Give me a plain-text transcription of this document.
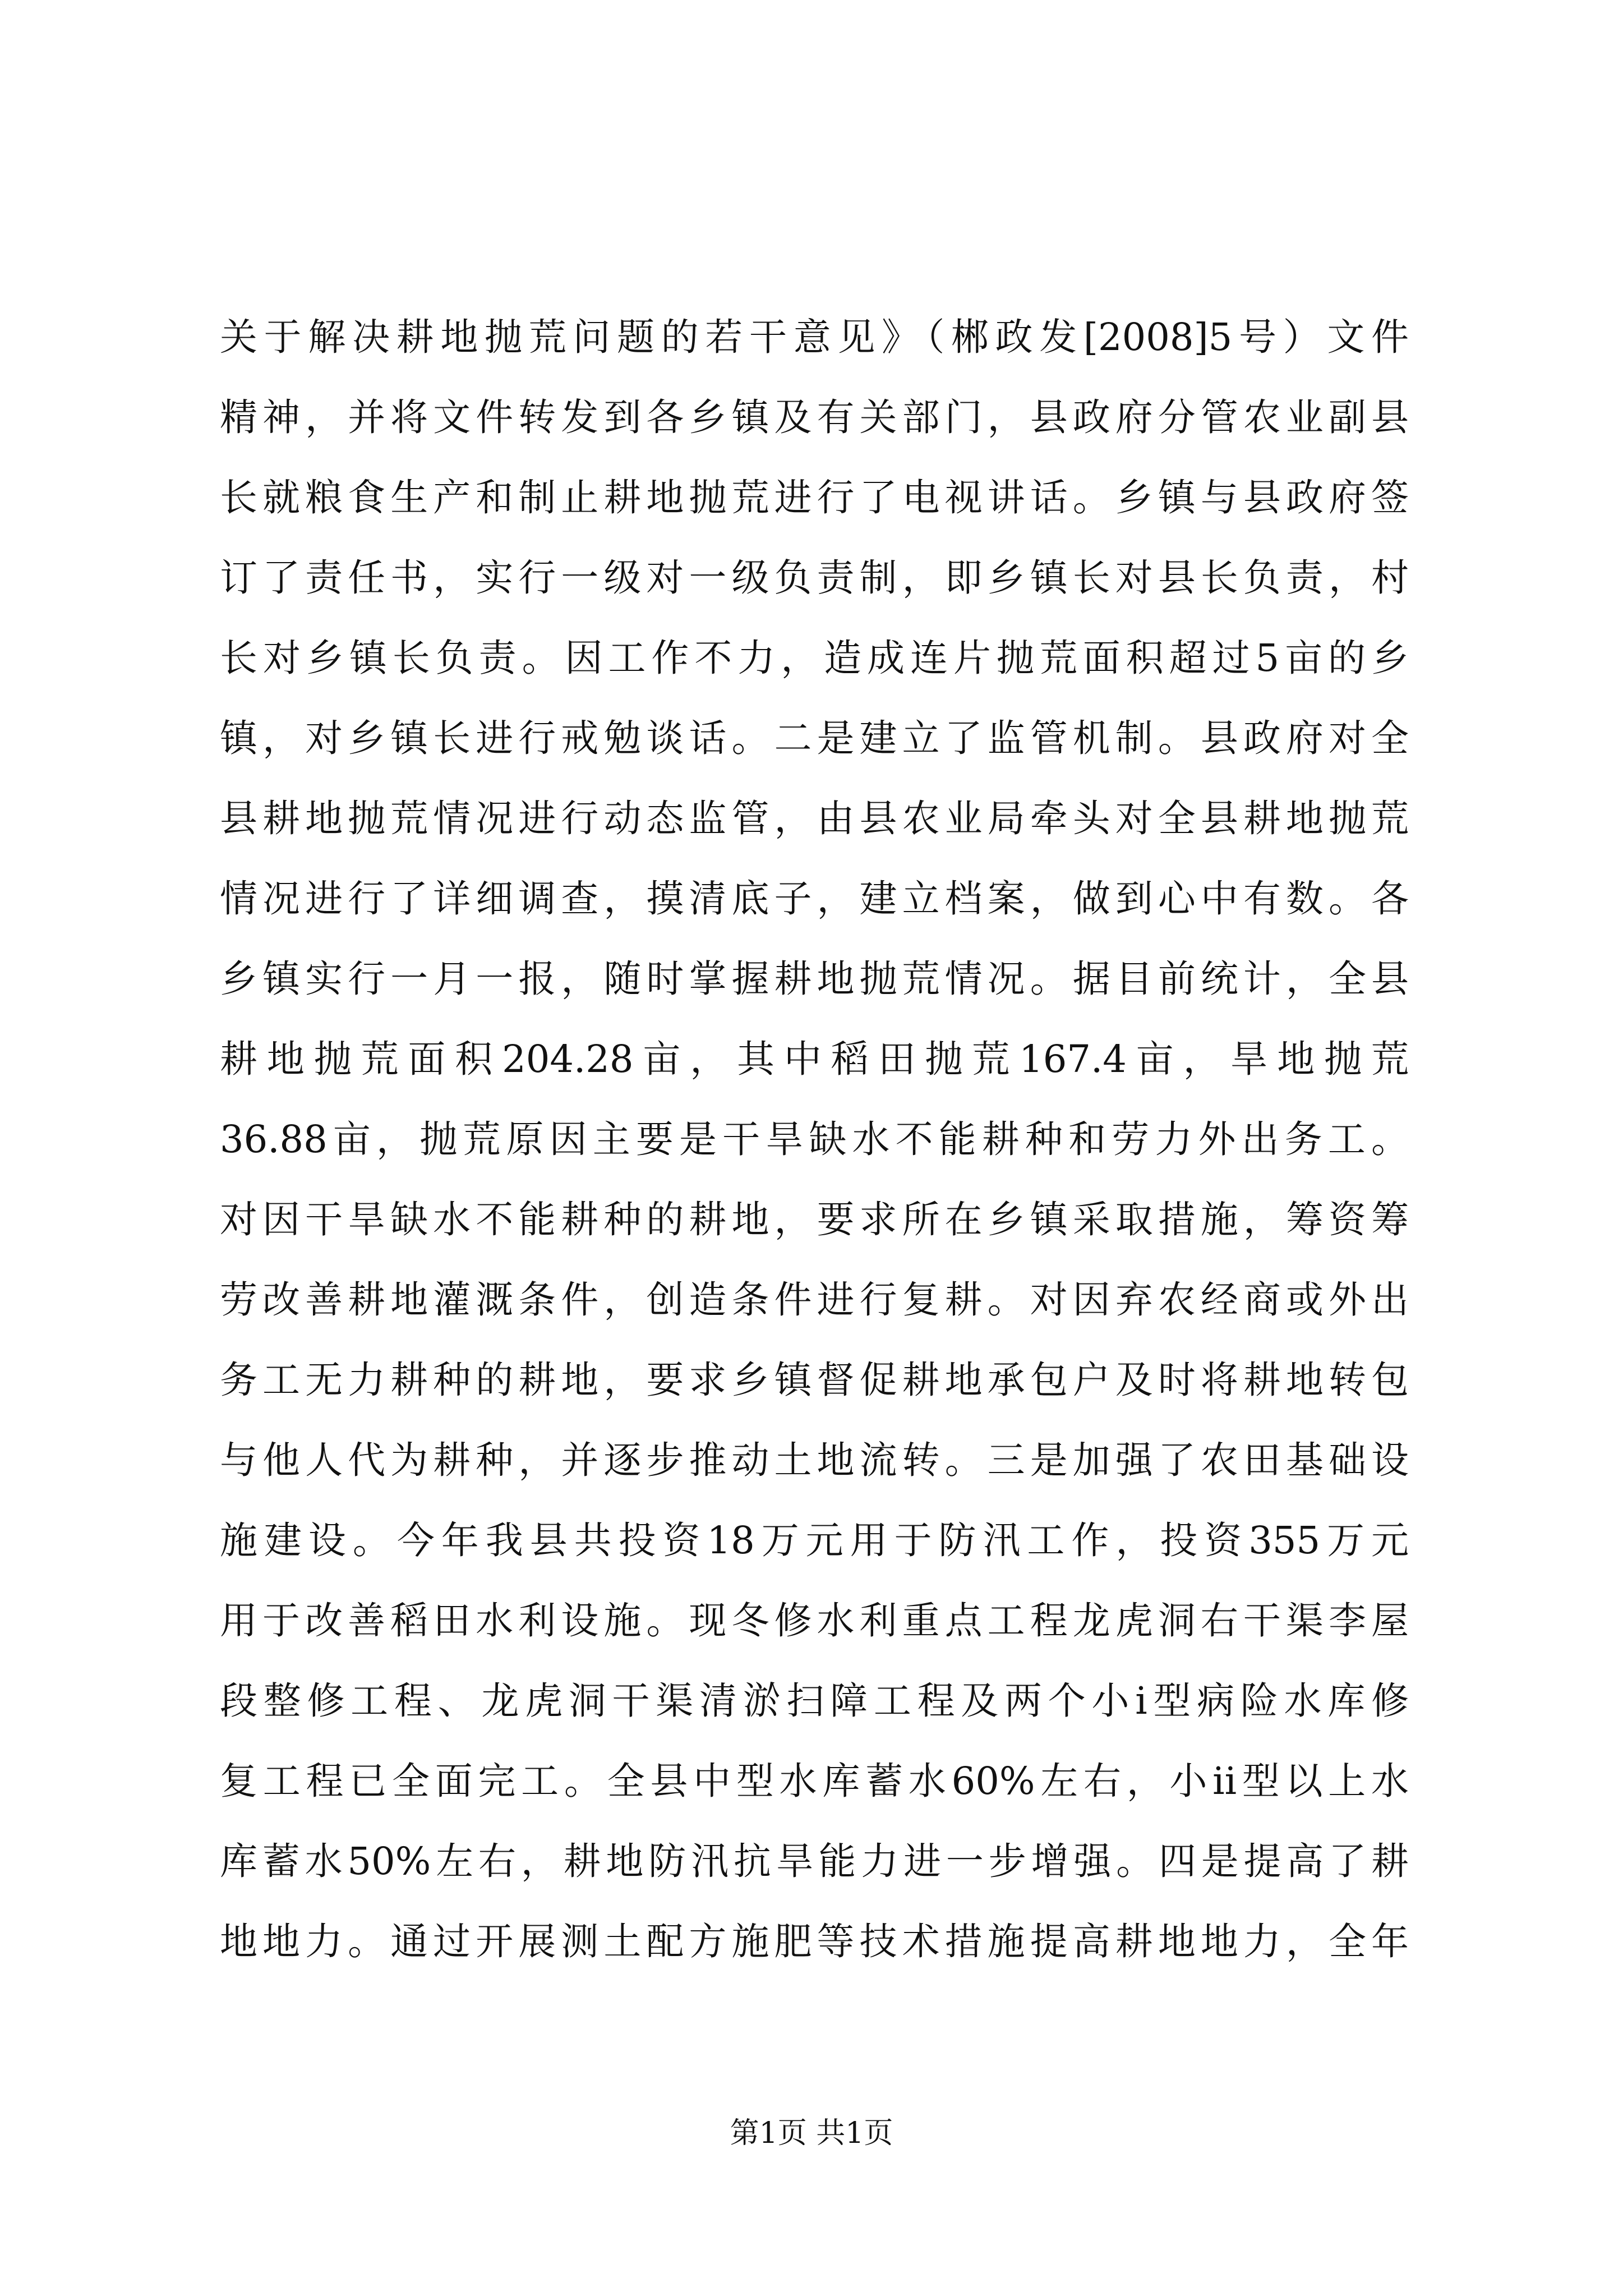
关于解决耕地抛荒问题的若干意见》（郴政发[2008]5号）文件
精神，并将文件转发到各乡镇及有关部门，县政府分管农业副县
长就粮食生产和制止耕地抛荒进行了电视讲话。乡镇与县政府签
订了责任书，实行一级对一级负责制，即乡镇长对县长负责，村
长对乡镇长负责。因工作不力，造成连片抛荒面积超过5亩的乡
镇，对乡镇长进行戒勉谈话。二是建立了监管机制。县政府对全
县耕地抛荒情况进行动态监管，由县农业局牵头对全县耕地抛荒
情况进行了详细调查，摸清底子，建立档案，做到心中有数。各
乡镇实行一月一报，随时掌握耕地抛荒情况。据目前统计，全县
耕地抛荒面积204.28亩，其中稻田抛荒167.4亩，旱地抛荒
36.88亩，抛荒原因主要是干旱缺水不能耕种和劳力外出务工。
对因干旱缺水不能耕种的耕地，要求所在乡镇采取措施，筹资筹
劳改善耕地灌溉条件，创造条件进行复耕。对因弃农经商或外出
务工无力耕种的耕地，要求乡镇督促耕地承包户及时将耕地转包
与他人代为耕种，并逐步推动土地流转。三是加强了农田基础设
施建设。今年我县共投资18万元用于防汛工作，投资355万元
用于改善稻田水利设施。现冬修水利重点工程龙虎洞右干渠李屋
段整修工程、龙虎洞干渠清淤扫障工程及两个小i型病险水库修
复工程已全面完工。全县中型水库蓄水60%左右，小ii型以上水
库蓄水50%左右，耕地防汛抗旱能力进一步增强。四是提高了耕
地地力。通过开展测土配方施肥等技术措施提高耕地地力，全年
第1页 共1页
